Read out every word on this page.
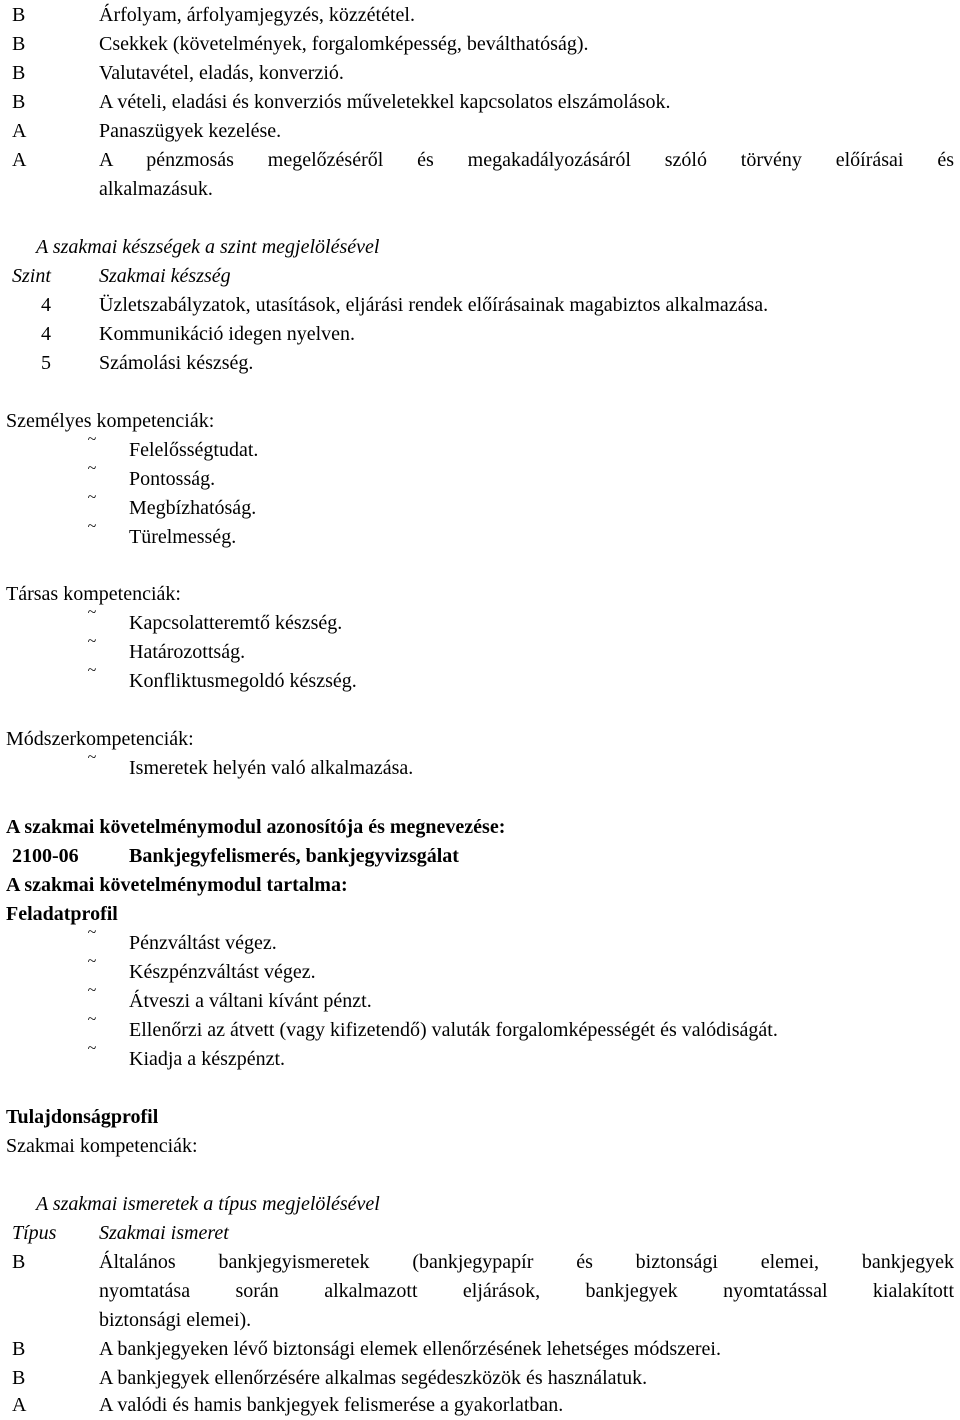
B	Árfolyam, árfolyamjegyzés, közzététel.
B	Csekkek (követelmények, forgalomképesség, beválthatóság).
B	Valutavétel, eladás, konverzió.
B	A vételi, eladási és konverziós műveletekkel kapcsolatos elszámolások.
A	Panaszügyek kezelése.
A	A pénzmosás megelőzéséről és megakadályozásáról szóló törvény előírásai és
alkalmazásuk.
A szakmai készségek a szint megjelölésével
Szint Szakmai készség
4 Üzletszabályzatok, utasítások, eljárási rendek előírásainak magabiztos alkalmazása.
4 Kommunikáció idegen nyelven.
5 Számolási készség.
Személyes kompetenciák:
~ Felelősségtudat.
~ Pontosság.
~ Megbízhatóság.
~ Türelmesség.
Társas kompetenciák:
~ Kapcsolatteremtő készség.
~ Határozottság.
~ Konfliktusmegoldó készség.
Módszerkompetenciák:
~ Ismeretek helyén való alkalmazása.
A szakmai követelménymodul azonosítója és megnevezése:
2100-06	Bankjegyfelismerés, bankjegyvizsgálat
A szakmai követelménymodul tartalma:
Feladatprofil
~ Pénzváltást végez.
~ Készpénzváltást végez.
~ Átveszi a váltani kívánt pénzt.
~ Ellenőrzi az átvett (vagy kifizetendő) valuták forgalomképességét és valódiságát.
~ Kiadja a készpénzt.
Tulajdonságprofil
Szakmai kompetenciák:
A szakmai ismeretek a típus megjelölésével
Típus Szakmai ismeret
B	Általános bankjegyismeretek (bankjegypapír és biztonsági elemei, bankjegyek
nyomtatása során alkalmazott eljárások, bankjegyek nyomtatással kialakított
biztonsági elemei).
B	A bankjegyeken lévő biztonsági elemek ellenőrzésének lehetséges módszerei.
B	A bankjegyek ellenőrzésére alkalmas segédeszközök és használatuk.
A	A valódi és hamis bankjegyek felismerése a gyakorlatban.
